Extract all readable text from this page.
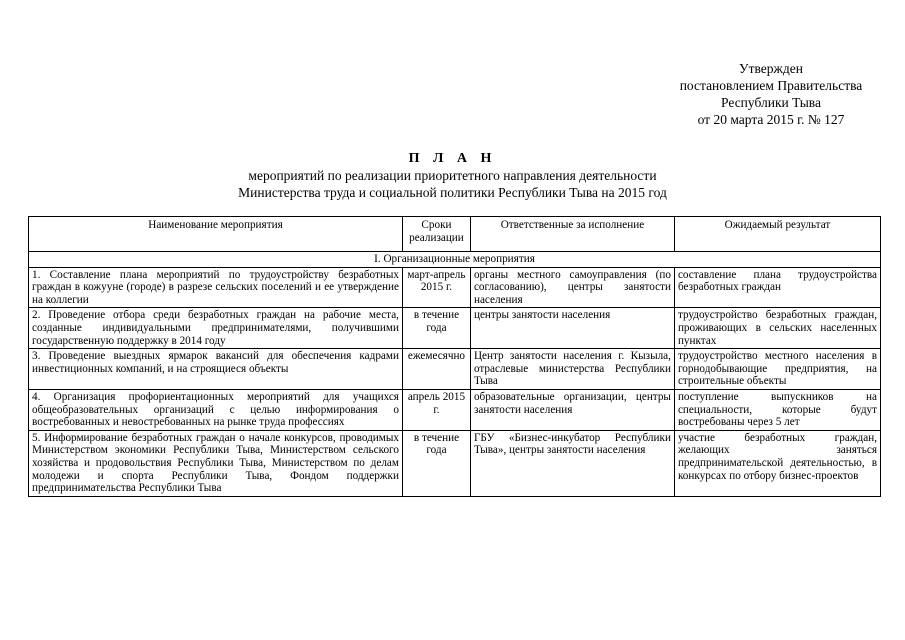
Утвержден
постановлением Правительства
Республики Тыва
от 20 марта 2015 г. № 127
П Л А Н
мероприятий по реализации приоритетного направления деятельности
Министерства труда и социальной политики Республики Тыва на 2015 год
Наименование мероприятия	Сроки реализации	Ответственные за исполнение	Ожидаемый результат
I. Организационные мероприятия			
1. Составление плана мероприятий по трудоустройству безработных граждан в кожууне (городе) в разрезе сельских поселений и ее утверждение на коллегии	март-апрель 2015 г.	органы местного самоуправления (по согласованию), центры занятости населения	составление плана трудоустройства безработных граждан
2. Проведение отбора среди безработных граждан на рабочие места, созданные индивидуальными предпринимателями, получившими государственную поддержку в 2014 году	в течение года	центры занятости населения	трудоустройство безработных граждан, проживающих в сельских населенных пунктах
3. Проведение выездных ярмарок вакансий для обеспечения кадрами инвестиционных компаний, и на строящиеся объекты	ежемесячно	Центр занятости населения г. Кызыла, отраслевые министерства Республики Тыва	трудоустройство местного населения в горнодобывающие предприятия, на строительные объекты
4. Организация профориентационных мероприятий для учащихся общеобразовательных организаций с целью информирования о востребованных и невостребованных на рынке труда профессиях	апрель 2015 г.	образовательные организации, центры занятости населения	поступление выпускников на специальности, которые будут востребованы через 5 лет
5. Информирование безработных граждан о начале конкурсов, проводимых Министерством экономики Республики Тыва, Министерством сельского хозяйства и продовольствия Республики Тыва, Министерством по делам молодежи и спорта Республики Тыва, Фондом поддержки предпринимательства Республики Тыва	в течение года	ГБУ «Бизнес-инкубатор Республики Тыва», центры занятости населения	участие безработных граждан, желающих заняться предпринимательской деятельностью, в конкурсах по отбору бизнес-проектов
